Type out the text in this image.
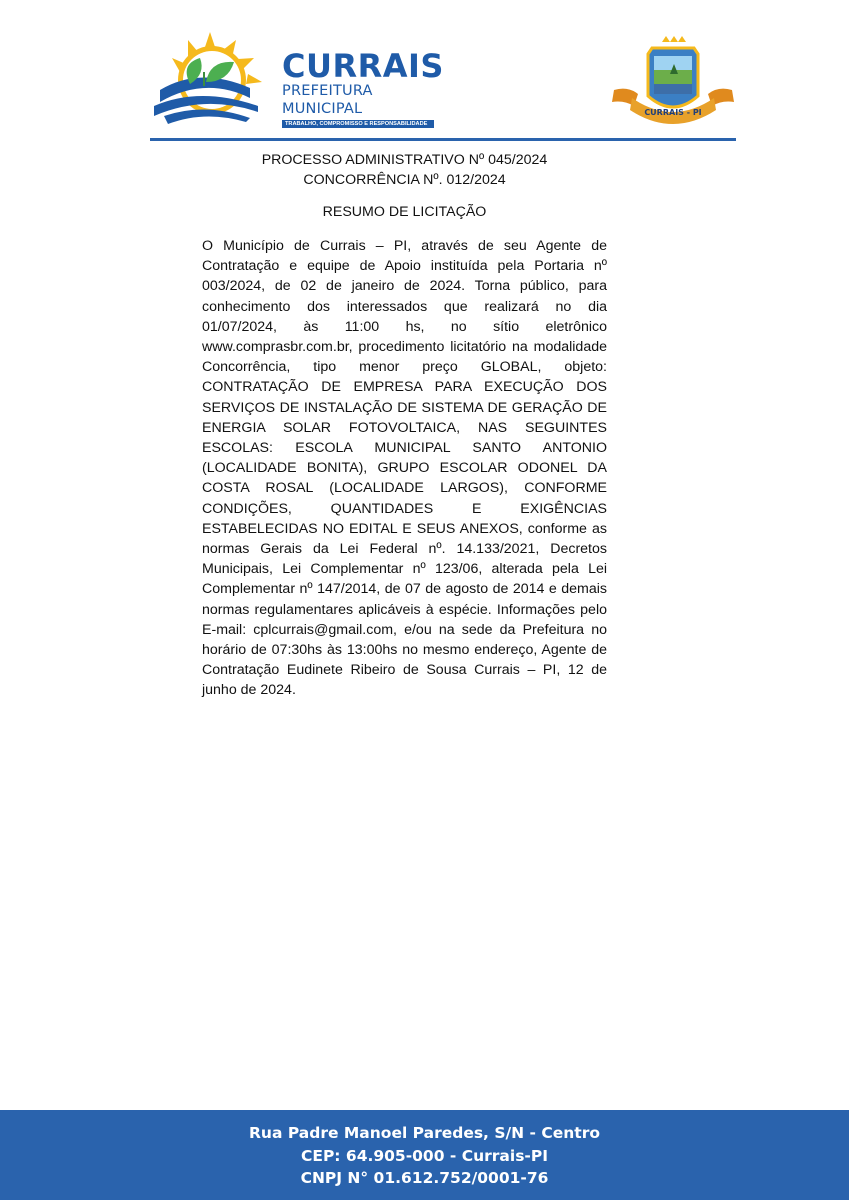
CURRAIS
PREFEITURA MUNICIPAL
TRABALHO, COMPROMISSO E RESPONSABILIDADE
CURRAIS - PI
PROCESSO ADMINISTRATIVO Nº 045/2024
CONCORRÊNCIA Nº. 012/2024
RESUMO DE LICITAÇÃO
O Município de Currais – PI, através de seu Agente de Contratação e equipe de Apoio instituída pela Portaria nº 003/2024, de 02 de janeiro de 2024. Torna público, para conhecimento dos interessados que realizará no dia 01/07/2024, às 11:00 hs, no sítio eletrônico www.comprasbr.com.br, procedimento licitatório na modalidade Concorrência, tipo menor preço GLOBAL, objeto: CONTRATAÇÃO DE EMPRESA PARA EXECUÇÃO DOS SERVIÇOS DE INSTALAÇÃO DE SISTEMA DE GERAÇÃO DE ENERGIA SOLAR FOTOVOLTAICA, NAS SEGUINTES ESCOLAS: ESCOLA MUNICIPAL SANTO ANTONIO (LOCALIDADE BONITA), GRUPO ESCOLAR ODONEL DA COSTA ROSAL (LOCALIDADE LARGOS), CONFORME CONDIÇÕES, QUANTIDADES E EXIGÊNCIAS ESTABELECIDAS NO EDITAL E SEUS ANEXOS, conforme as normas Gerais da Lei Federal nº. 14.133/2021, Decretos Municipais, Lei Complementar nº 123/06, alterada pela Lei Complementar nº 147/2014, de 07 de agosto de 2014 e demais normas regulamentares aplicáveis à espécie. Informações pelo E-mail: cplcurrais@gmail.com, e/ou na sede da Prefeitura no horário de 07:30hs às 13:00hs no mesmo endereço, Agente de Contratação Eudinete Ribeiro de Sousa Currais – PI, 12 de junho de 2024.
Rua Padre Manoel Paredes, S/N - Centro
CEP: 64.905-000 - Currais-PI
CNPJ N° 01.612.752/0001-76
